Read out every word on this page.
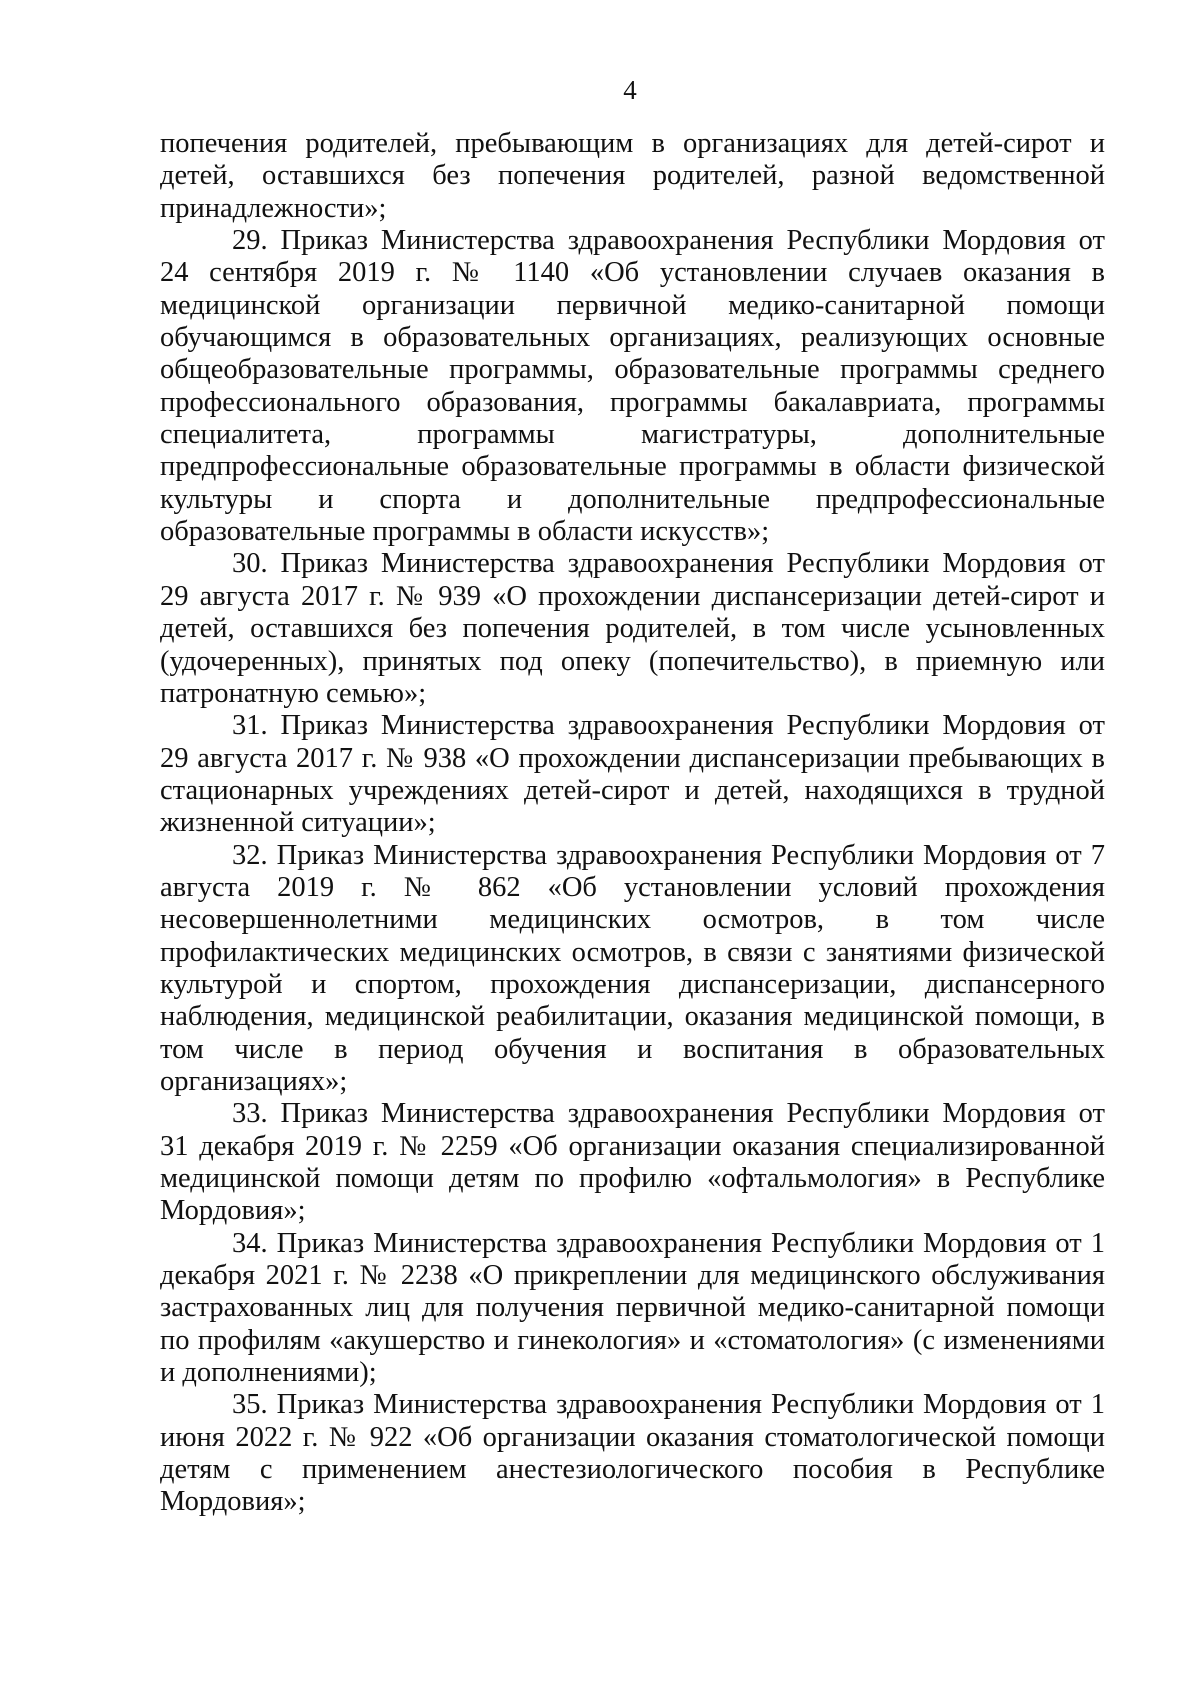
4

попечения родителей, пребывающим в организациях для детей-сирот и детей, оставшихся без попечения родителей, разной ведомственной принадлежности»;

29. Приказ Министерства здравоохранения Республики Мордовия от 24 сентября 2019 г. № 1140 «Об установлении случаев оказания в медицинской организации первичной медико-санитарной помощи обучающимся в образовательных организациях, реализующих основные общеобразовательные программы, образовательные программы среднего профессионального образования, программы бакалавриата, программы специалитета, программы магистратуры, дополнительные предпрофессиональные образовательные программы в области физической культуры и спорта и дополнительные предпрофессиональные образовательные программы в области искусств»;

30. Приказ Министерства здравоохранения Республики Мордовия от 29 августа 2017 г. № 939 «О прохождении диспансеризации детей-сирот и детей, оставшихся без попечения родителей, в том числе усыновленных (удочеренных), принятых под опеку (попечительство), в приемную или патронатную семью»;

31. Приказ Министерства здравоохранения Республики Мордовия от 29 августа 2017 г. № 938 «О прохождении диспансеризации пребывающих в стационарных учреждениях детей-сирот и детей, находящихся в трудной жизненной ситуации»;

32. Приказ Министерства здравоохранения Республики Мордовия от 7 августа 2019 г. № 862 «Об установлении условий прохождения несовершеннолетними медицинских осмотров, в том числе профилактических медицинских осмотров, в связи с занятиями физической культурой и спортом, прохождения диспансеризации, диспансерного наблюдения, медицинской реабилитации, оказания медицинской помощи, в том числе в период обучения и воспитания в образовательных организациях»;

33. Приказ Министерства здравоохранения Республики Мордовия от 31 декабря 2019 г. № 2259 «Об организации оказания специализированной медицинской помощи детям по профилю «офтальмология» в Республике Мордовия»;

34. Приказ Министерства здравоохранения Республики Мордовия от 1 декабря 2021 г. № 2238 «О прикреплении для медицинского обслуживания застрахованных лиц для получения первичной медико-санитарной помощи по профилям «акушерство и гинекология» и «стоматология» (с изменениями и дополнениями);

35. Приказ Министерства здравоохранения Республики Мордовия от 1 июня 2022 г. № 922 «Об организации оказания стоматологической помощи детям с применением анестезиологического пособия в Республике Мордовия»;
